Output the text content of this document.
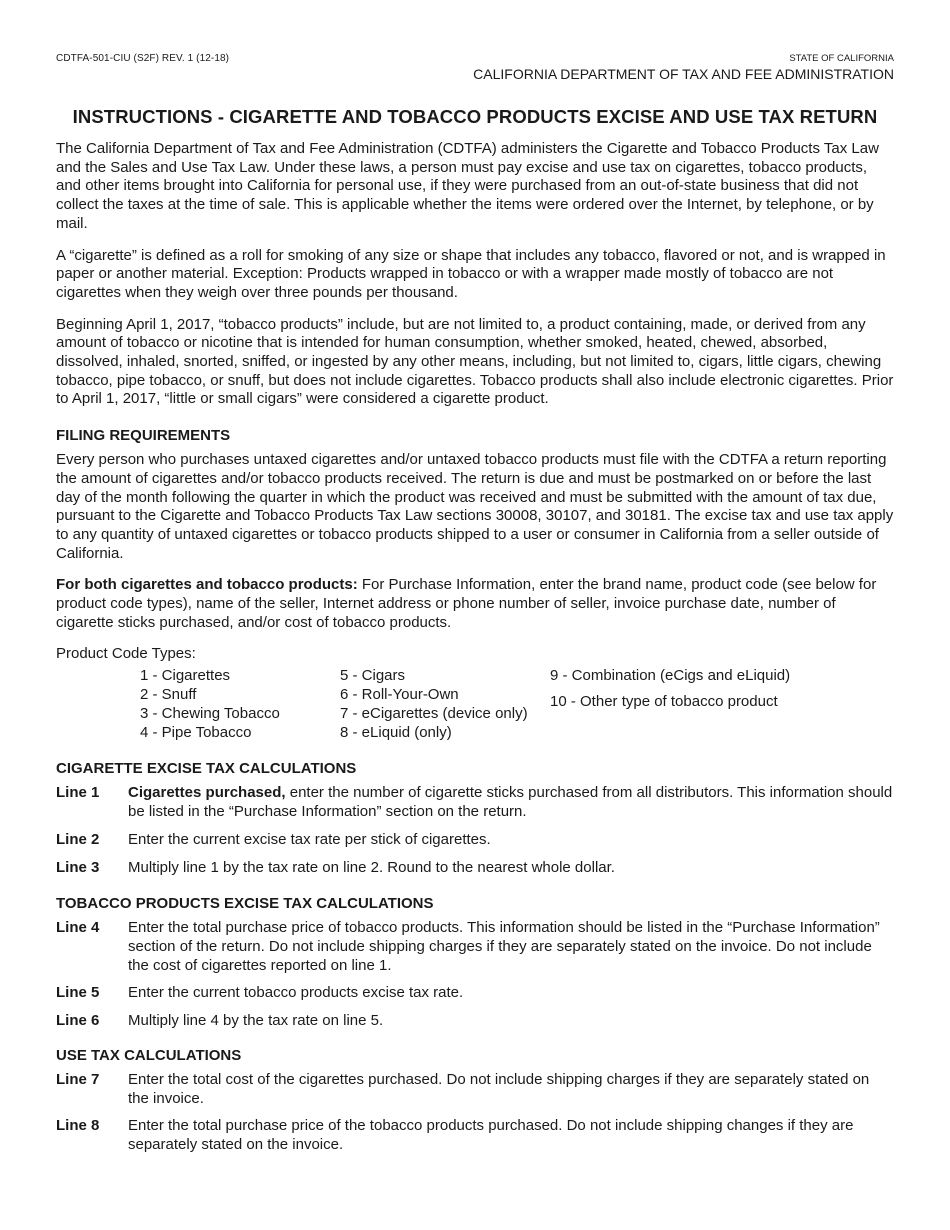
CDTFA-501-CIU (S2F) REV. 1 (12-18)	STATE OF CALIFORNIA
CALIFORNIA DEPARTMENT OF TAX AND FEE ADMINISTRATION
INSTRUCTIONS - CIGARETTE AND TOBACCO PRODUCTS EXCISE AND USE TAX RETURN

The California Department of Tax and Fee Administration (CDTFA) administers the Cigarette and Tobacco Products Tax Law and the Sales and Use Tax Law. Under these laws, a person must pay excise and use tax on cigarettes, tobacco products, and other items brought into California for personal use, if they were purchased from an out-of-state business that did not collect the taxes at the time of sale. This is applicable whether the items were ordered over the Internet, by telephone, or by mail.

A “cigarette” is defined as a roll for smoking of any size or shape that includes any tobacco, flavored or not, and is wrapped in paper or another material. Exception: Products wrapped in tobacco or with a wrapper made mostly of tobacco are not cigarettes when they weigh over three pounds per thousand.

Beginning April 1, 2017, “tobacco products” include, but are not limited to, a product containing, made, or derived from any amount of tobacco or nicotine that is intended for human consumption, whether smoked, heated, chewed, absorbed, dissolved, inhaled, snorted, sniffed, or ingested by any other means, including, but not limited to, cigars, little cigars, chewing tobacco, pipe tobacco, or snuff, but does not include cigarettes. Tobacco products shall also include electronic cigarettes. Prior to April 1, 2017, “little or small cigars” were considered a cigarette product.

FILING REQUIREMENTS

Every person who purchases untaxed cigarettes and/or untaxed tobacco products must file with the CDTFA a return reporting the amount of cigarettes and/or tobacco products received. The return is due and must be postmarked on or before the last day of the month following the quarter in which the product was received and must be submitted with the amount of tax due, pursuant to the Cigarette and Tobacco Products Tax Law sections 30008, 30107, and 30181. The excise tax and use tax apply to any quantity of untaxed cigarettes or tobacco products shipped to a user or consumer in California from a seller outside of California.

For both cigarettes and tobacco products: For Purchase Information, enter the brand name, product code (see below for product code types), name of the seller, Internet address or phone number of seller, invoice purchase date, number of cigarette sticks purchased, and/or cost of tobacco products.

Product Code Types:
1 - Cigarettes
2 - Snuff
3 - Chewing Tobacco
4 - Pipe Tobacco
5 - Cigars
6 - Roll-Your-Own
7 - eCigarettes (device only)
8 - eLiquid (only)
9 - Combination (eCigs and eLiquid)
10 - Other type of tobacco product
CIGARETTE EXCISE TAX CALCULATIONS
Line 1	Cigarettes purchased, enter the number of cigarette sticks purchased from all distributors. This information should be listed in the “Purchase Information” section on the return.
Line 2	Enter the current excise tax rate per stick of cigarettes.
Line 3	Multiply line 1 by the tax rate on line 2. Round to the nearest whole dollar.
TOBACCO PRODUCTS EXCISE TAX CALCULATIONS
Line 4	Enter the total purchase price of tobacco products. This information should be listed in the “Purchase Information” section of the return. Do not include shipping charges if they are separately stated on the invoice. Do not include the cost of cigarettes reported on line 1.
Line 5	Enter the current tobacco products excise tax rate.
Line 6	Multiply line 4 by the tax rate on line 5.
USE TAX CALCULATIONS
Line 7	Enter the total cost of the cigarettes purchased. Do not include shipping charges if they are separately stated on the invoice.
Line 8	Enter the total purchase price of the tobacco products purchased. Do not include shipping changes if they are separately stated on the invoice.
